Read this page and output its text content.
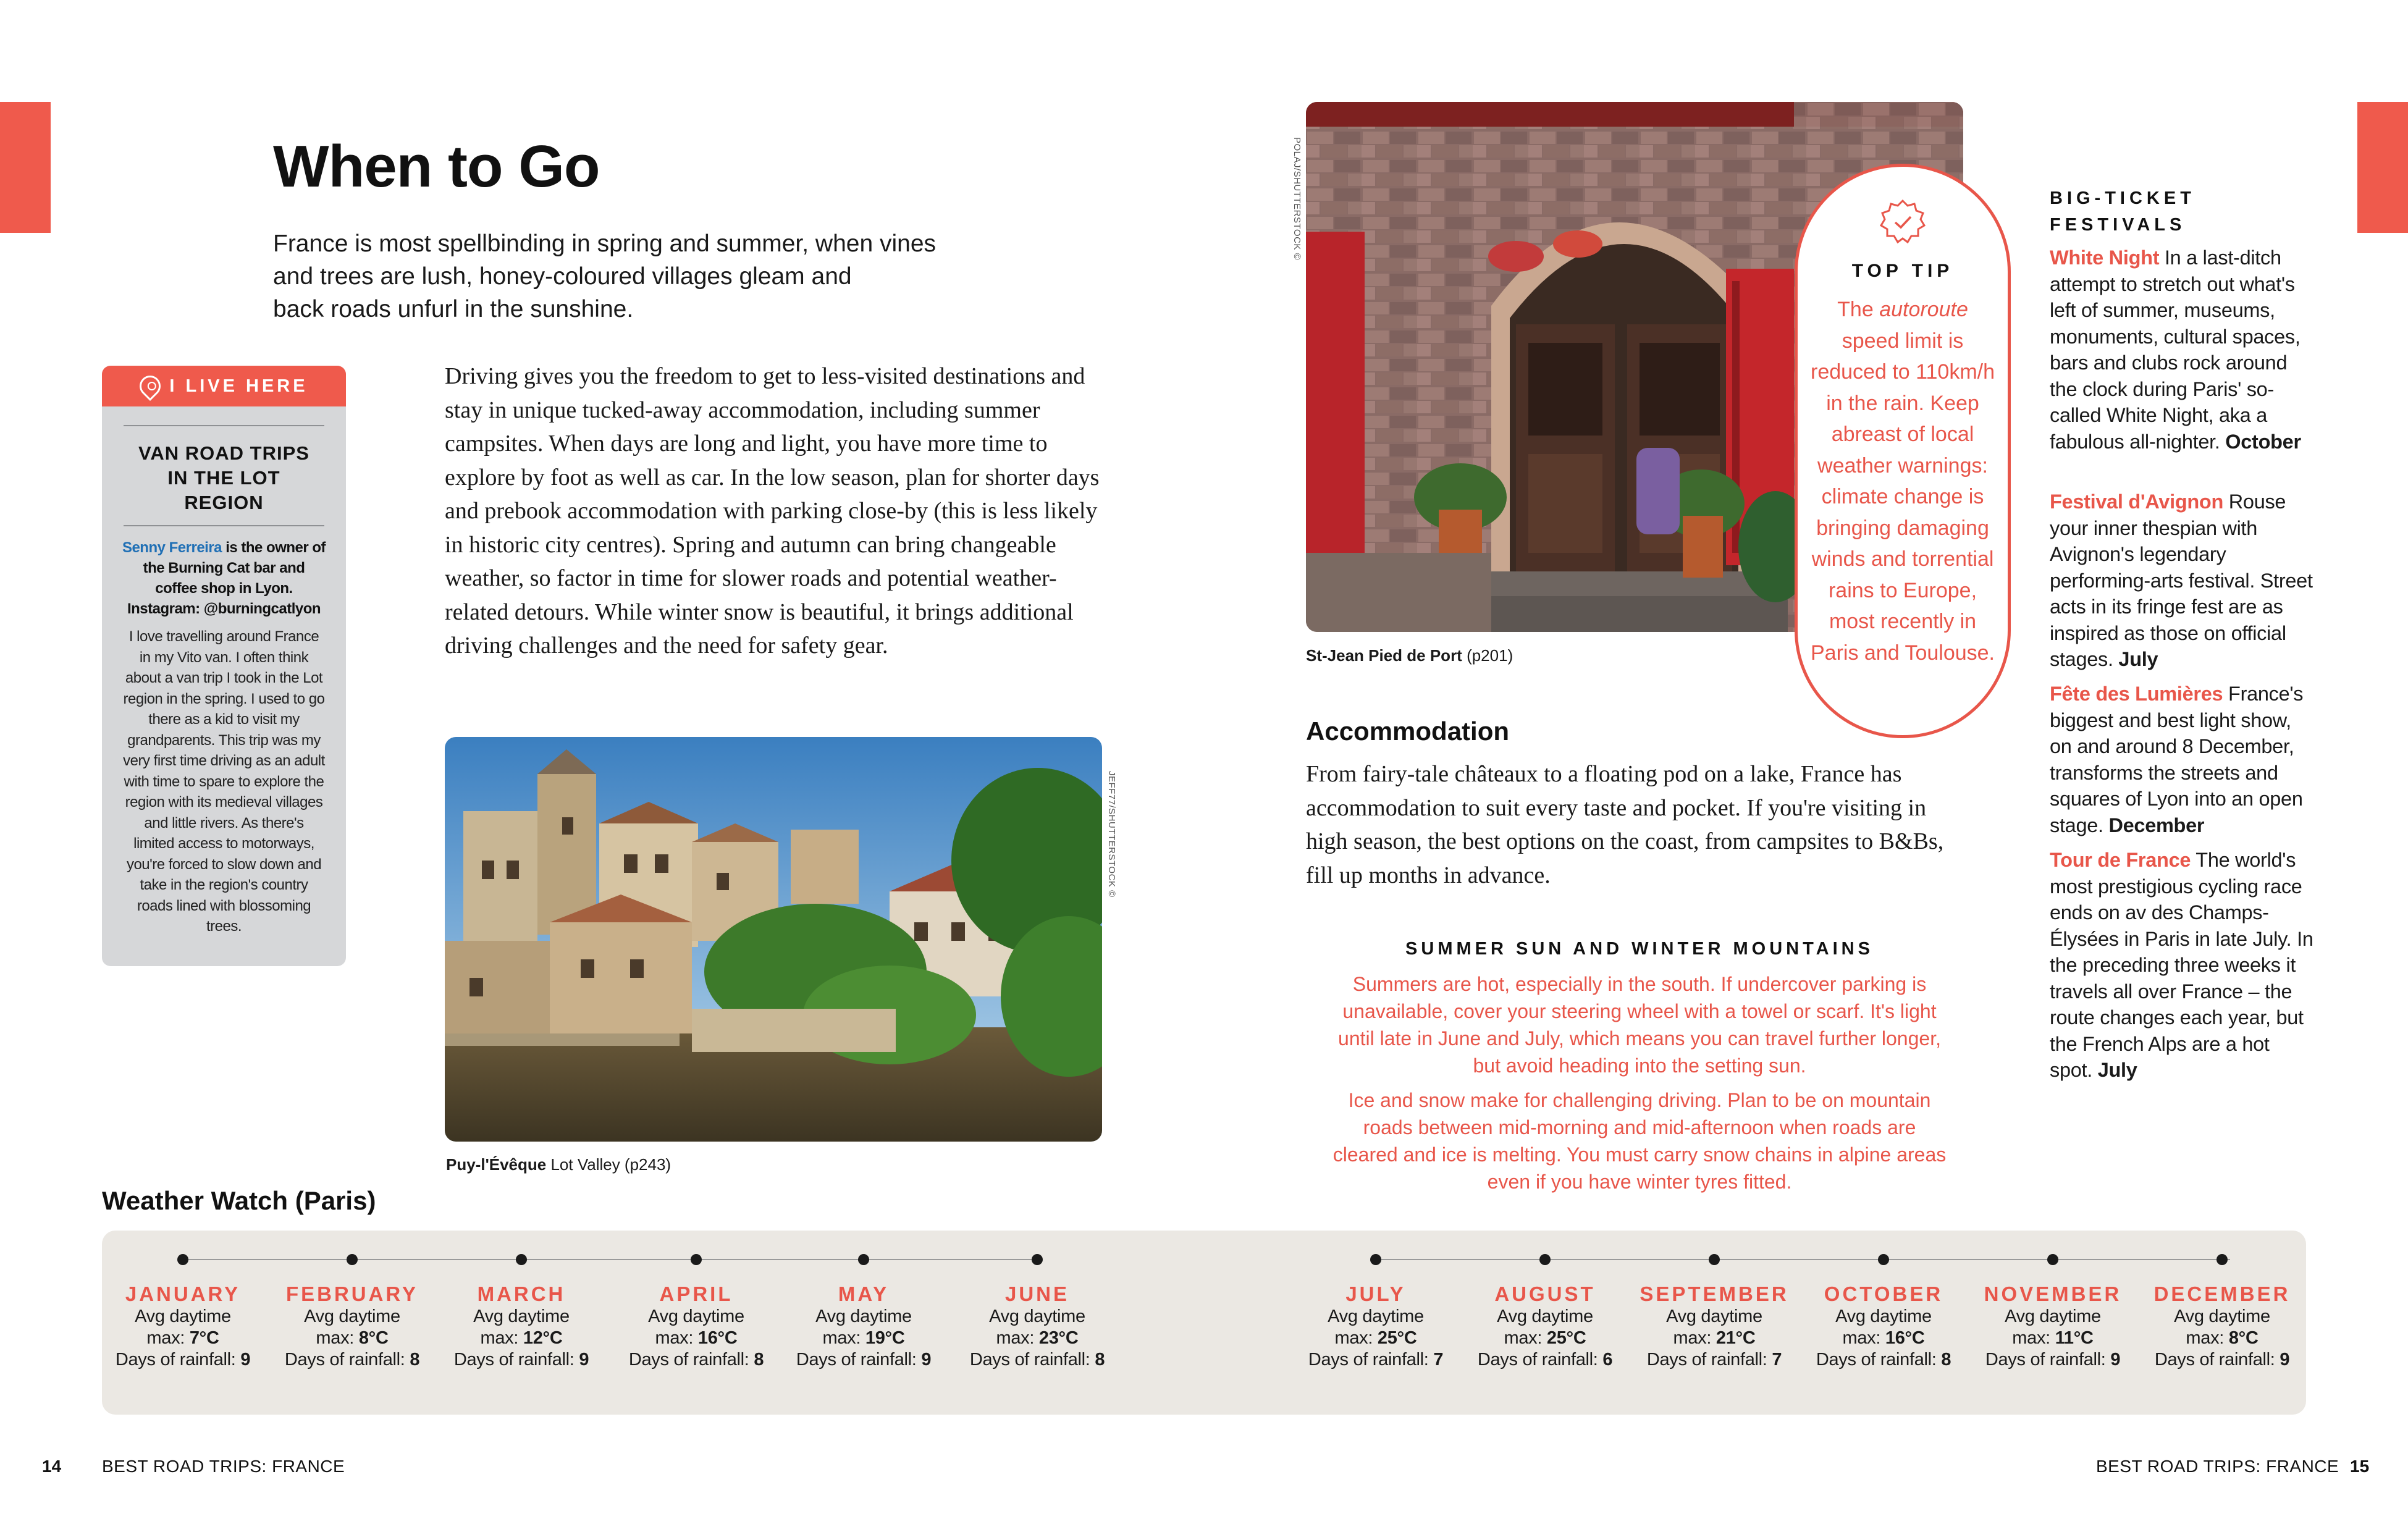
When to Go

France is most spellbinding in spring and summer, when vines

and trees are lush, honey-coloured villages gleam and

back roads unfurl in the sunshine.

I LIVE HERE
VAN ROAD TRIPS IN THE LOT REGION
Senny Ferreira is the owner of the Burning Cat bar and coffee shop in Lyon. Instagram: @burningcatlyon
I love travelling around France in my Vito van. I often think about a van trip I took in the Lot region in the spring. I used to go there as a kid to visit my grandparents. This trip was my very first time driving as an adult with time to spare to explore the region with its medieval villages and little rivers. As there's limited access to motorways, you're forced to slow down and take in the region's country roads lined with blossoming trees.
Driving gives you the freedom to get to less-visited destinations and stay in unique tucked-away accommodation, including summer campsites. When days are long and light, you have more time to explore by foot as well as car. In the low season, plan for shorter days and prebook accommodation with parking close-by (this is less likely in historic city centres). Spring and autumn can bring changeable weather, so factor in time for slower roads and potential weather-related detours. While winter snow is beautiful, it brings additional driving challenges and the need for safety gear.
JEFF77/SHUTTERSTOCK ©
Puy-l'Évêque Lot Valley (p243)
POLAJ/SHUTTERSTOCK ©
St-Jean Pied de Port (p201)
TOP TIP
The autoroute speed limit is reduced to 110km/h in the rain. Keep abreast of local weather warnings: climate change is bringing damaging winds and torrential rains to Europe, most recently in Paris and Toulouse.
Accommodation
From fairy-tale châteaux to a floating pod on a lake, France has accommodation to suit every taste and pocket. If you're visiting in high season, the best options on the coast, from campsites to B&Bs, fill up months in advance.
SUMMER SUN AND WINTER MOUNTAINS
Summers are hot, especially in the south. If undercover parking is unavailable, cover your steering wheel with a towel or scarf. It's light until late in June and July, which means you can travel further longer, but avoid heading into the setting sun.
Ice and snow make for challenging driving. Plan to be on mountain roads between mid-morning and mid-afternoon when roads are cleared and ice is melting. You must carry snow chains in alpine areas even if you have winter tyres fitted.
BIG-TICKET
FESTIVALS
White Night In a last-ditch attempt to stretch out what's left of summer, museums, monuments, cultural spaces, bars and clubs rock around the clock during Paris' so-called White Night, aka a fabulous all-nighter. October
Festival d'Avignon Rouse your inner thespian with Avignon's legendary performing-arts festival. Street acts in its fringe fest are as inspired as those on official stages. July
Fête des Lumières France's biggest and best light show, on and around 8 December, transforms the streets and squares of Lyon into an open stage. December
Tour de France The world's most prestigious cycling race ends on av des Champs-Élysées in Paris in late July. In the preceding three weeks it travels all over France – the route changes each year, but the French Alps are a hot spot. July
Weather Watch (Paris)
JANUARY
Avg daytime
max: 7°C
Days of rainfall: 9
FEBRUARY
Avg daytime
max: 8°C
Days of rainfall: 8
MARCH
Avg daytime
max: 12°C
Days of rainfall: 9
APRIL
Avg daytime
max: 16°C
Days of rainfall: 8
MAY
Avg daytime
max: 19°C
Days of rainfall: 9
JUNE
Avg daytime
max: 23°C
Days of rainfall: 8
JULY
Avg daytime
max: 25°C
Days of rainfall: 7
AUGUST
Avg daytime
max: 25°C
Days of rainfall: 6
SEPTEMBER
Avg daytime
max: 21°C
Days of rainfall: 7
OCTOBER
Avg daytime
max: 16°C
Days of rainfall: 8
NOVEMBER
Avg daytime
max: 11°C
Days of rainfall: 9
DECEMBER
Avg daytime
max: 8°C
Days of rainfall: 9
14 BEST ROAD TRIPS: FRANCE	BEST ROAD TRIPS: FRANCE 15
